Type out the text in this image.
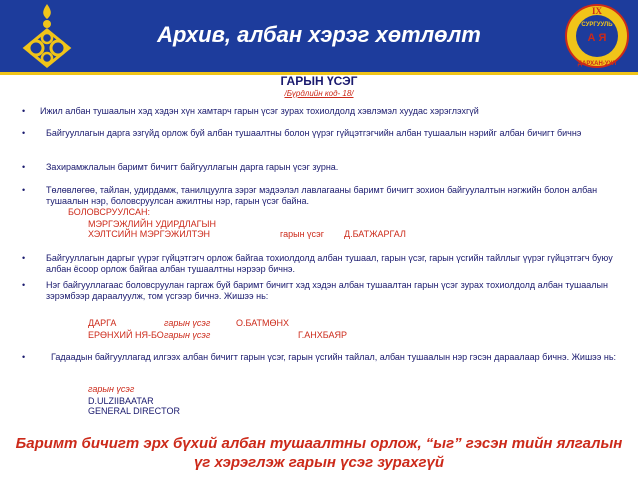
Архив, албан хэрэг хөтлөлт
IX
СУРГУУЛЬ
А Я
ДАРХАН-УУЛ
ГАРЫН ҮСЭГ
/Бүрдлийн код- 18/
•	Ижил албан тушаалын хэд хэдэн хүн хамтарч гарын үсэг зурах тохиолдолд хэвлэмэл хуудас хэрэглэхгүй
•	Байгууллагын дарга эзгүйд орлож буй албан тушаалтны болон үүрэг гүйцэтгэгчийн албан тушаалын нэрийг албан бичигт бичнэ
•	Захирамжлалын баримт бичигт байгууллагын дарга гарын үсэг зурна.
•	Төлөвлөгөө, тайлан, удирдамж, танилцуулга зэрэг мэдээлэл лавлагааны баримт бичигт зохион байгуулалтын нэгжийн болон албан тушаалын нэр, боловсруулсан ажилтны нэр, гарын үсэг байна.
БОЛОВСРУУЛСАН:
МЭРГЭЖЛИЙН УДИРДЛАГЫН
ХЭЛТСИЙН МЭРГЭЖИЛТЭН	гарын үсэг Д.БАТЖАРГАЛ
•	Байгууллагын даргыг үүрэг гүйцэтгэгч орлож байгаа тохиолдолд албан тушаал, гарын үсэг, гарын үсгийн тайллыг үүрэг гүйцэтгэгч буюу албан ёсоор орлож байгаа албан тушаалтны нэрээр бичнэ.
•	Нэг байгууллагаас боловсруулан гаргаж буй баримт бичигт хэд хэдэн албан тушаалтан гарын үсэг зурах тохиолдолд албан тушаалын зэрэмбээр дараалуулж, том үсгээр бичнэ. Жишээ нь:
ДАРГА	гарын үсэг	О.БАТМӨНХ
ЕРӨНХИЙ НЯ-БО гарын үсэг	Г.АНХБАЯР
•	Гадаадын байгууллагад илгээх албан бичигт гарын үсэг, гарын үсгийн тайлал, албан тушаалын нэр гэсэн дараалаар бичнэ. Жишээ нь:
гарын үсэг
D.ULZIIBAATAR
GENERAL DIRECTOR
Баримт бичигт эрх бүхий албан тушаалтны орлож, “ыг” гэсэн тийн ялгалын
үг хэрэглэж гарын үсэг зурахгүй
